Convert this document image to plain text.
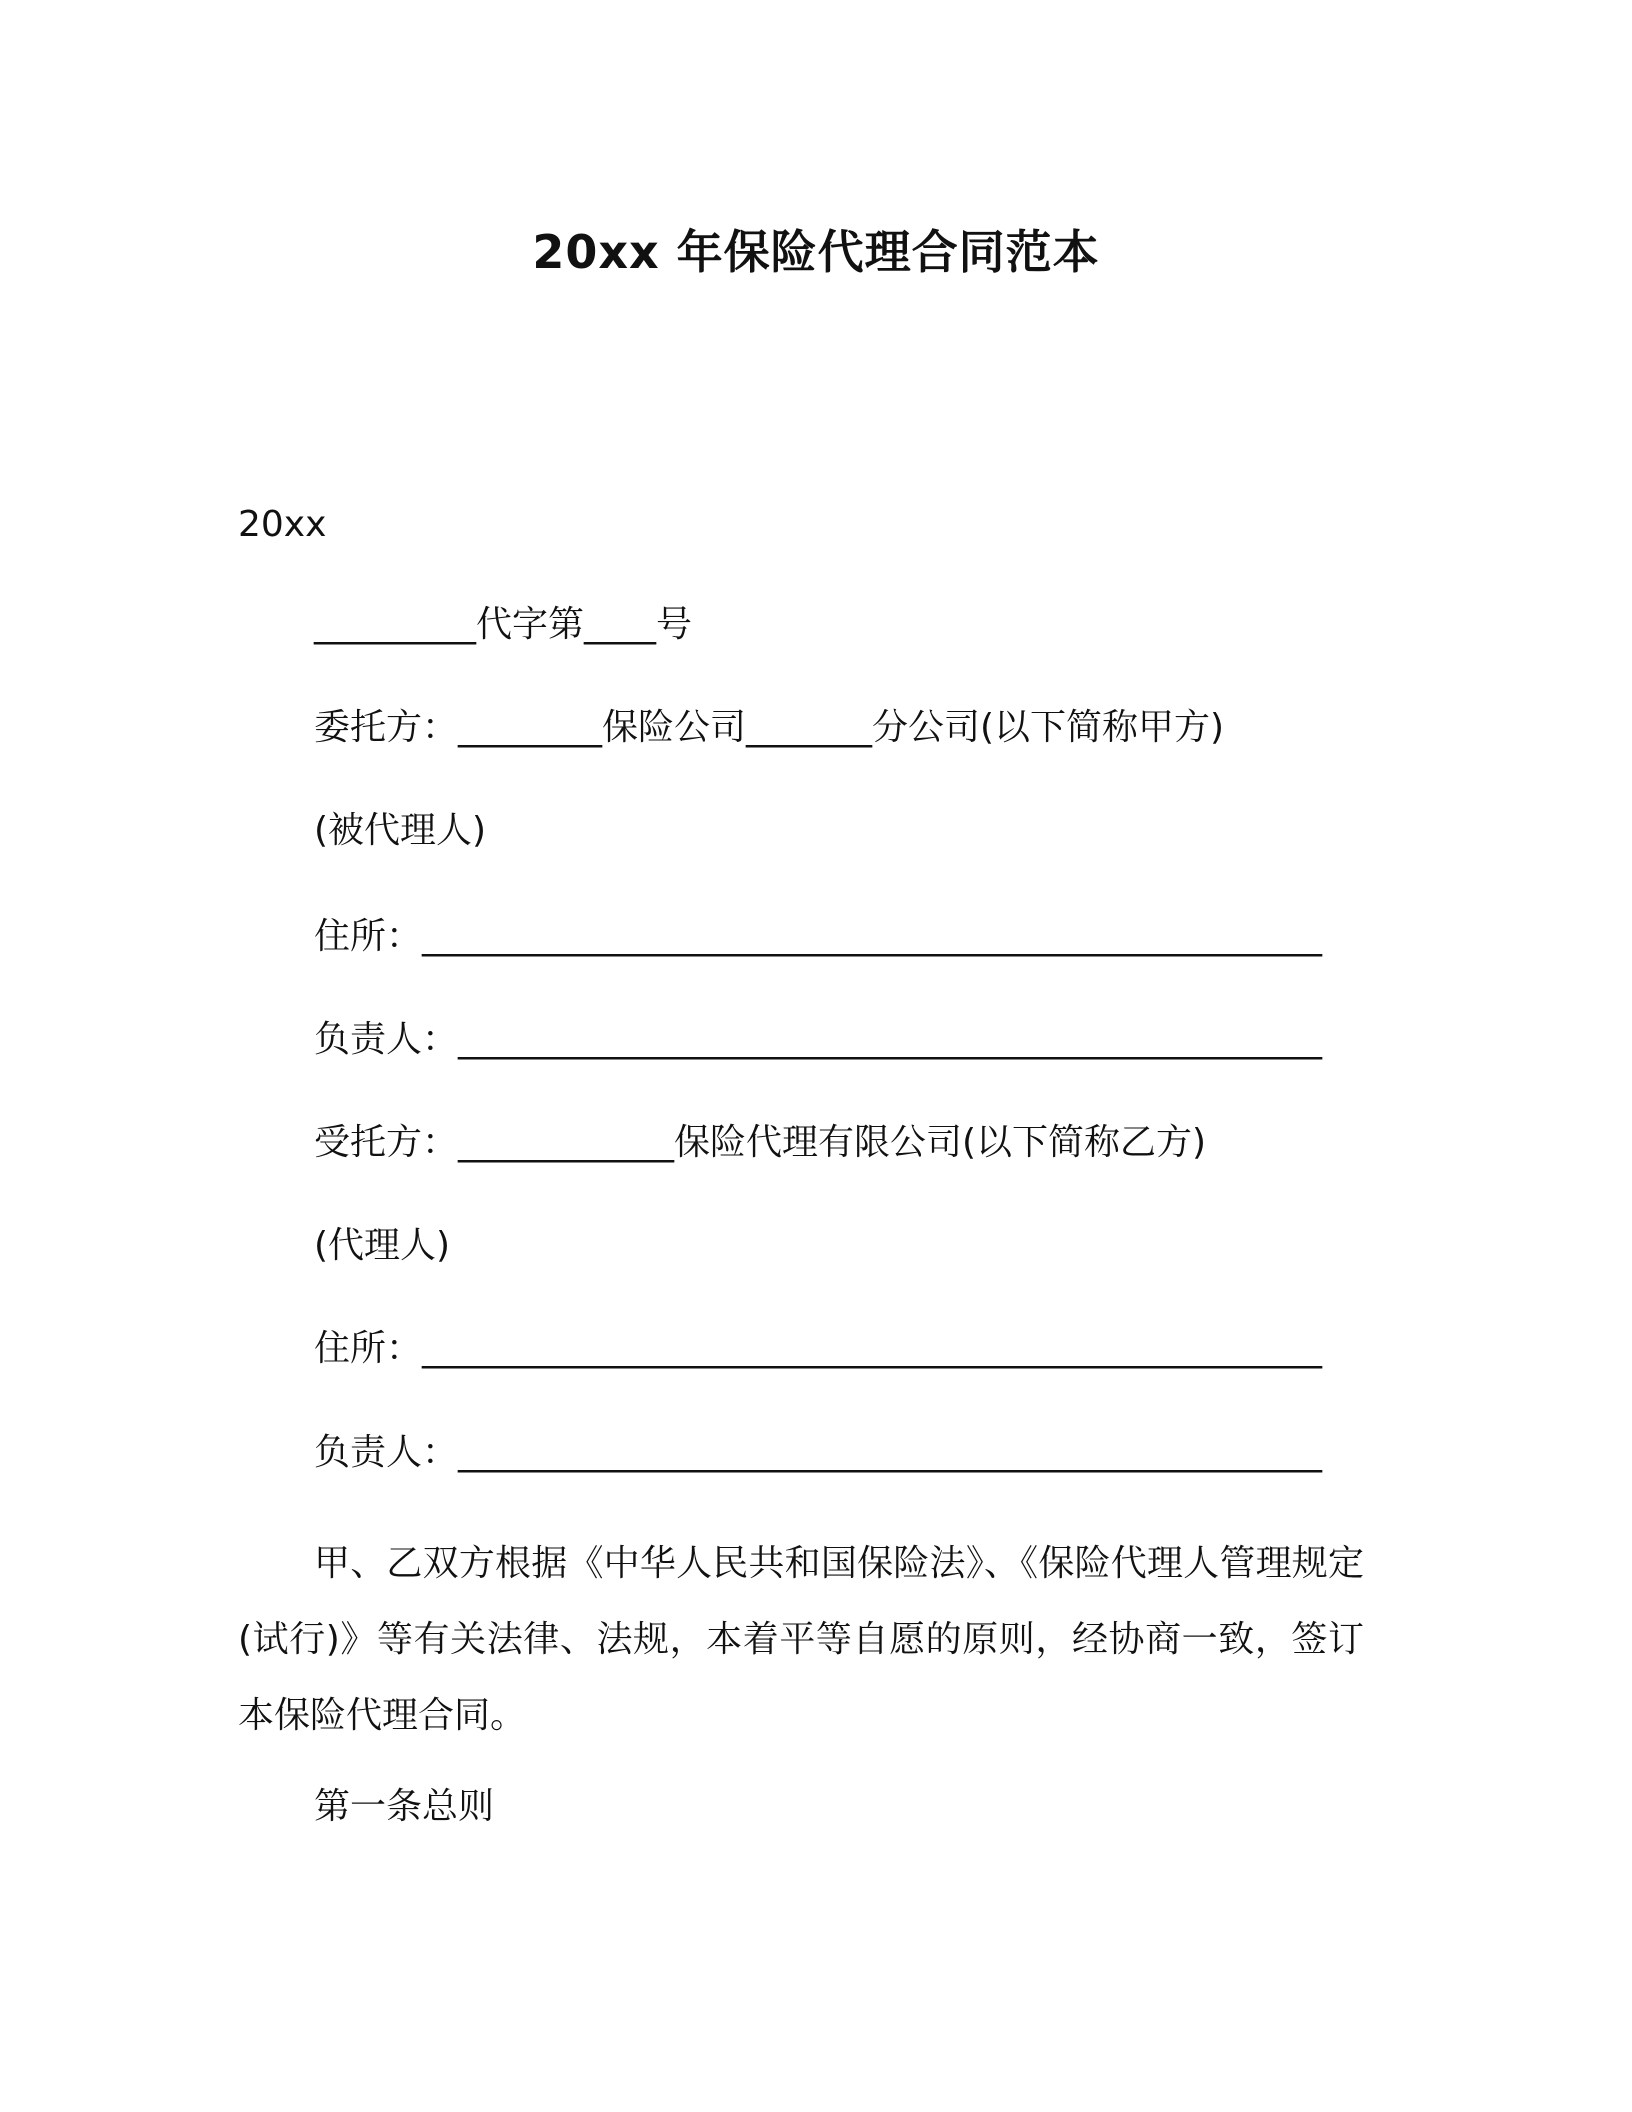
20xx 年保险代理合同范本
20xx
_________代字第____号
委托方：________保险公司_______分公司(以下简称甲方)
(被代理人)
住所：__________________________________________________
负责人：________________________________________________
受托方：____________保险代理有限公司(以下简称乙方)
(代理人)
住所：__________________________________________________
负责人：________________________________________________
甲、乙双方根据《中华人民共和国保险法》、《保险代理人管理规定(试行)》等有关法律、法规，本着平等自愿的原则，经协商一致，签订本保险代理合同。
第一条总则
